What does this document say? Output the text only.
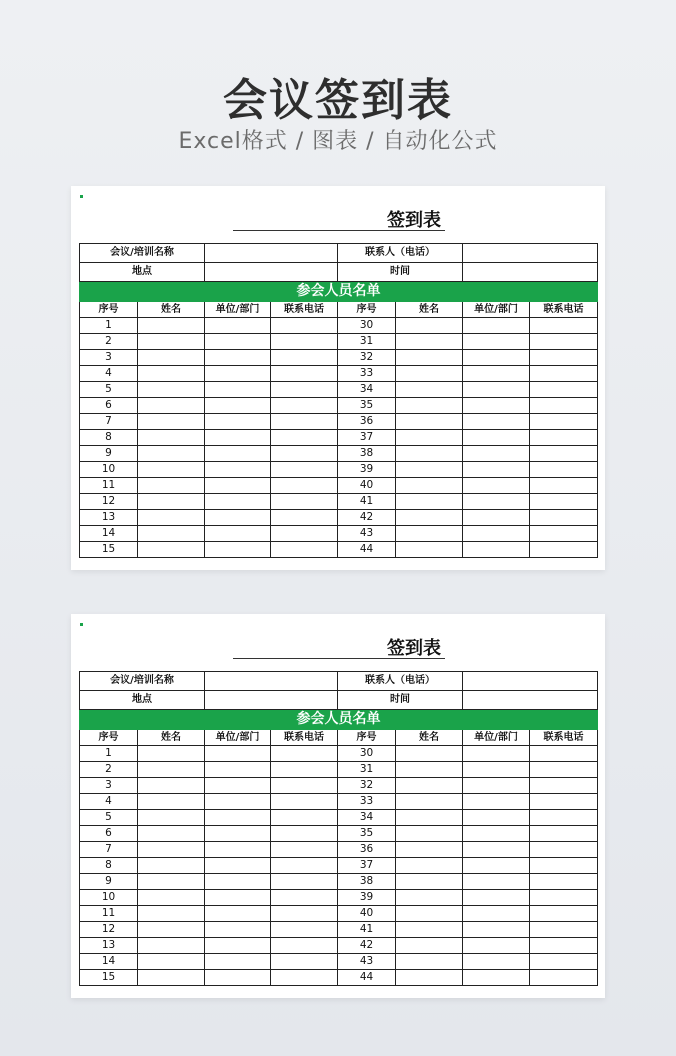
会议签到表
Excel格式 / 图表 / 自动化公式
签到表
会议/培训名称				联系人（电话）			
地点				时间			
参会人员名单							
序号	姓名	单位/部门	联系电话	序号	姓名	单位/部门	联系电话
1				30			
2				31			
3				32			
4				33			
5				34			
6				35			
7				36			
8				37			
9				38			
10				39			
11				40			
12				41			
13				42			
14				43			
15				44			
签到表
会议/培训名称				联系人（电话）			
地点				时间			
参会人员名单							
序号	姓名	单位/部门	联系电话	序号	姓名	单位/部门	联系电话
1				30			
2				31			
3				32			
4				33			
5				34			
6				35			
7				36			
8				37			
9				38			
10				39			
11				40			
12				41			
13				42			
14				43			
15				44			
